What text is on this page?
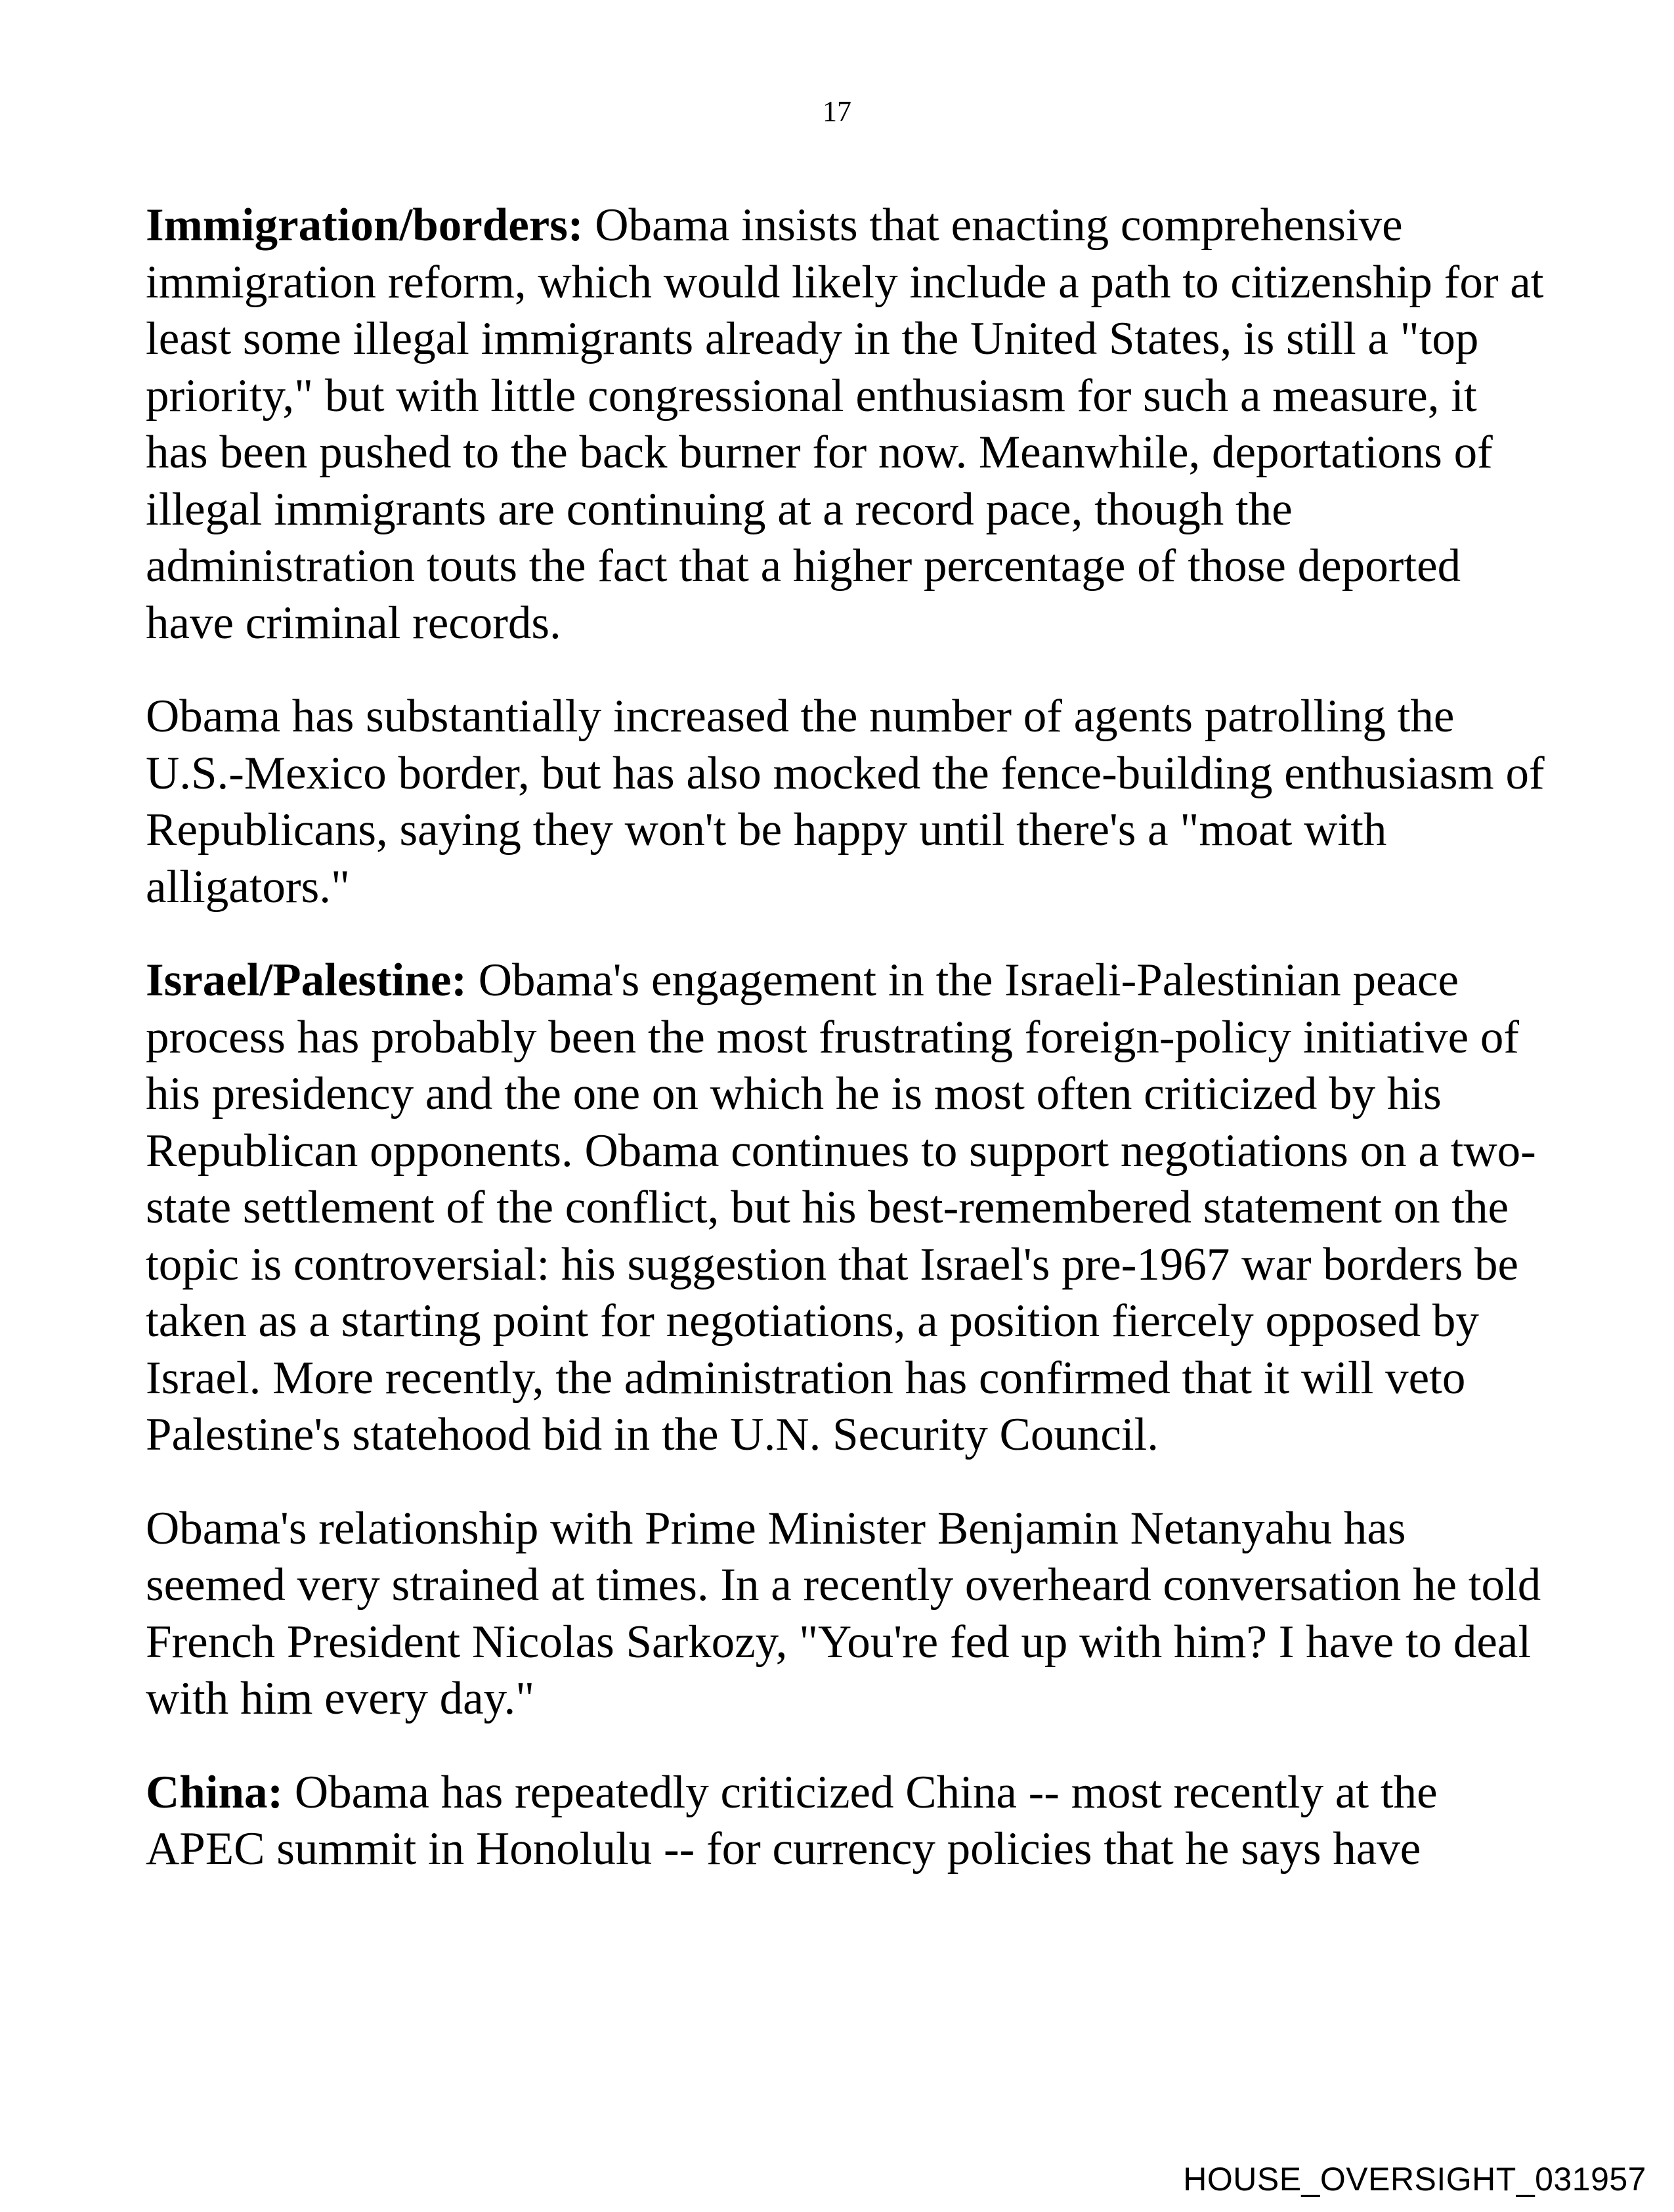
17

Immigration/borders: Obama insists that enacting comprehensive immigration reform, which would likely include a path to citizenship for at least some illegal immigrants already in the United States, is still a "top priority," but with little congressional enthusiasm for such a measure, it has been pushed to the back burner for now. Meanwhile, deportations of illegal immigrants are continuing at a record pace, though the administration touts the fact that a higher percentage of those deported have criminal records.

Obama has substantially increased the number of agents patrolling the U.S.-Mexico border, but has also mocked the fence-building enthusiasm of Republicans, saying they won't be happy until there's a "moat with alligators."

Israel/Palestine: Obama's engagement in the Israeli-Palestinian peace process has probably been the most frustrating foreign-policy initiative of his presidency and the one on which he is most often criticized by his Republican opponents. Obama continues to support negotiations on a two-state settlement of the conflict, but his best-remembered statement on the topic is controversial: his suggestion that Israel's pre-1967 war borders be taken as a starting point for negotiations, a position fiercely opposed by Israel. More recently, the administration has confirmed that it will veto Palestine's statehood bid in the U.N. Security Council.

Obama's relationship with Prime Minister Benjamin Netanyahu has seemed very strained at times. In a recently overheard conversation he told French President Nicolas Sarkozy, "You're fed up with him? I have to deal with him every day."

China: Obama has repeatedly criticized China -- most recently at the APEC summit in Honolulu -- for currency policies that he says have

HOUSE_OVERSIGHT_031957
